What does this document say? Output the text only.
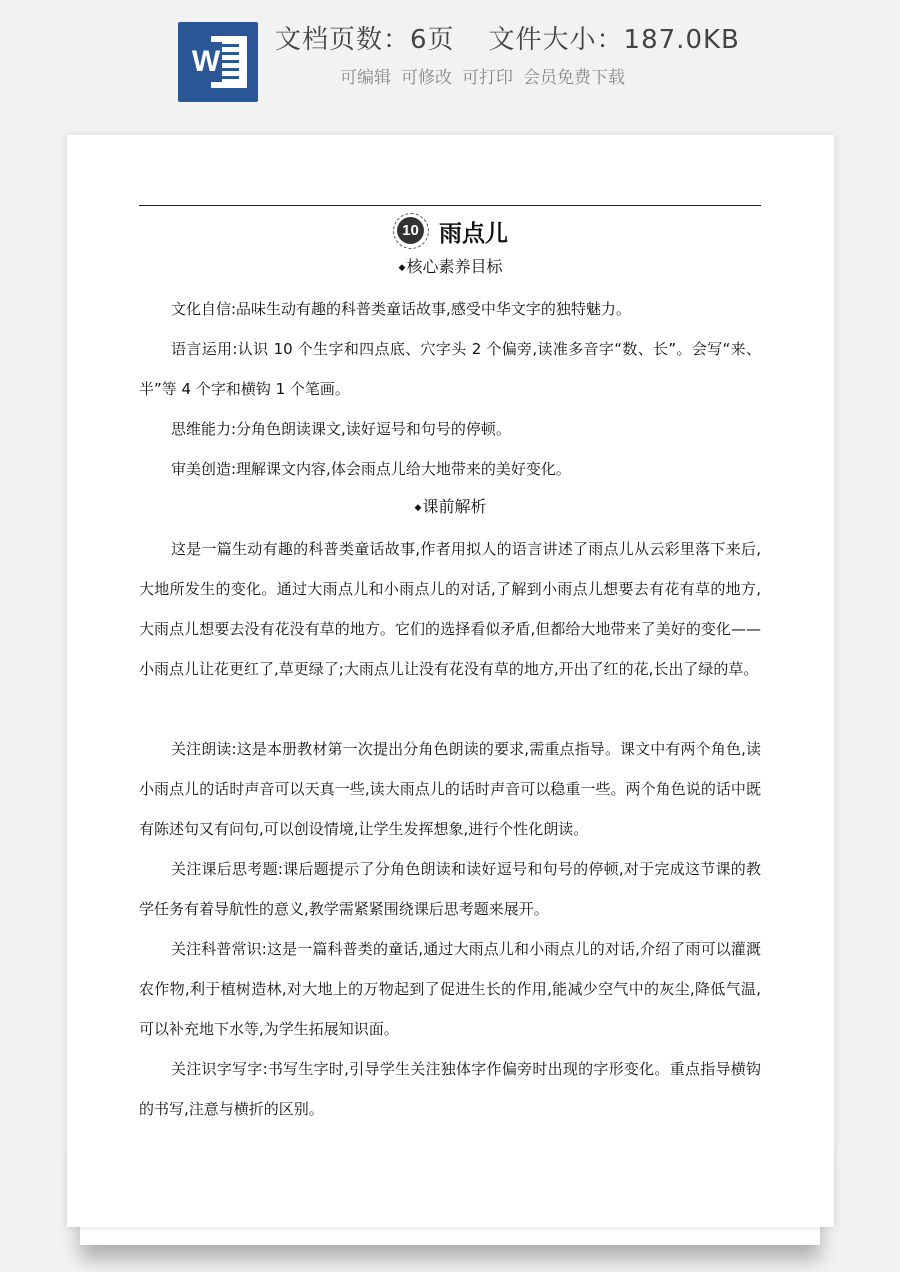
W
文档页数：6页 文件大小：187.0KB
可编辑 可修改 可打印 会员免费下载
10 雨点儿
◆核心素养目标

文化自信:品味生动有趣的科普类童话故事,感受中华文字的独特魅力。

语言运用:认识 10 个生字和四点底、穴字头 2 个偏旁,读准多音字“数、长”。会写“来、半”等 4 个字和横钩 1 个笔画。

思维能力:分角色朗读课文,读好逗号和句号的停顿。

审美创造:理解课文内容,体会雨点儿给大地带来的美好变化。

◆课前解析

这是一篇生动有趣的科普类童话故事,作者用拟人的语言讲述了雨点儿从云彩里落下来后,大地所发生的变化。通过大雨点儿和小雨点儿的对话,了解到小雨点儿想要去有花有草的地方,大雨点儿想要去没有花没有草的地方。它们的选择看似矛盾,但都给大地带来了美好的变化——小雨点儿让花更红了,草更绿了;大雨点儿让没有花没有草的地方,开出了红的花,长出了绿的草。

关注朗读:这是本册教材第一次提出分角色朗读的要求,需重点指导。课文中有两个角色,读小雨点儿的话时声音可以天真一些,读大雨点儿的话时声音可以稳重一些。两个角色说的话中既有陈述句又有问句,可以创设情境,让学生发挥想象,进行个性化朗读。

关注课后思考题:课后题提示了分角色朗读和读好逗号和句号的停顿,对于完成这节课的教学任务有着导航性的意义,教学需紧紧围绕课后思考题来展开。

关注科普常识:这是一篇科普类的童话,通过大雨点儿和小雨点儿的对话,介绍了雨可以灌溉农作物,利于植树造林,对大地上的万物起到了促进生长的作用,能减少空气中的灰尘,降低气温,可以补充地下水等,为学生拓展知识面。

关注识字写字:书写生字时,引导学生关注独体字作偏旁时出现的字形变化。重点指导横钩的书写,注意与横折的区别。
